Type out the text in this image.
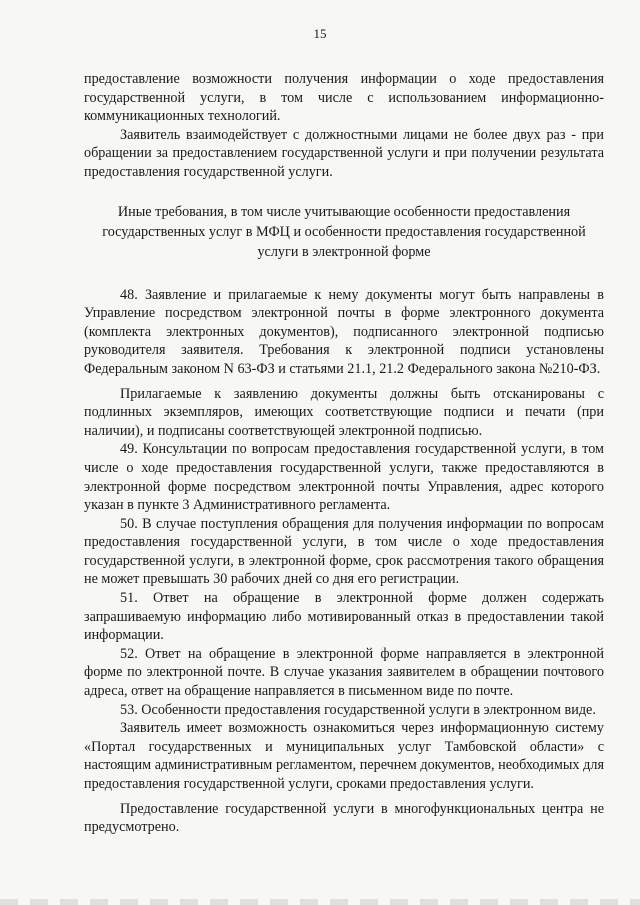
15

предоставление возможности получения информации о ходе предоставления государственной услуги, в том числе с использованием информационно-коммуникационных технологий.

Заявитель взаимодействует с должностными лицами не более двух раз - при обращении за предоставлением государственной услуги и при получении результата предоставления государственной услуги.

Иные требования, в том числе учитывающие особенности предоставления государственных услуг в МФЦ и особенности предоставления государственной услуги в электронной форме

48. Заявление и прилагаемые к нему документы могут быть направлены в Управление посредством электронной почты в форме электронного документа (комплекта электронных документов), подписанного электронной подписью руководителя заявителя. Требования к электронной подписи установлены Федеральным законом N 63-ФЗ и статьями 21.1, 21.2 Федерального закона №210-ФЗ.

Прилагаемые к заявлению документы должны быть отсканированы с подлинных экземпляров, имеющих соответствующие подписи и печати (при наличии), и подписаны соответствующей электронной подписью.

49. Консультации по вопросам предоставления государственной услуги, в том числе о ходе предоставления государственной услуги, также предоставляются в электронной форме посредством электронной почты Управления, адрес которого указан в пункте 3 Административного регламента.

50. В случае поступления обращения для получения информации по вопросам предоставления государственной услуги, в том числе о ходе предоставления государственной услуги, в электронной форме, срок рассмотрения такого обращения не может превышать 30 рабочих дней со дня его регистрации.

51. Ответ на обращение в электронной форме должен содержать запрашиваемую информацию либо мотивированный отказ в предоставлении такой информации.

52. Ответ на обращение в электронной форме направляется в электронной форме по электронной почте. В случае указания заявителем в обращении почтового адреса, ответ на обращение направляется в письменном виде по почте.

53. Особенности предоставления государственной услуги в электронном виде.

Заявитель имеет возможность ознакомиться через информационную систему «Портал государственных и муниципальных услуг Тамбовской области» с настоящим административным регламентом, перечнем документов, необходимых для предоставления государственной услуги, сроками предоставления услуги.

Предоставление государственной услуги в многофункциональных центра не предусмотрено.
